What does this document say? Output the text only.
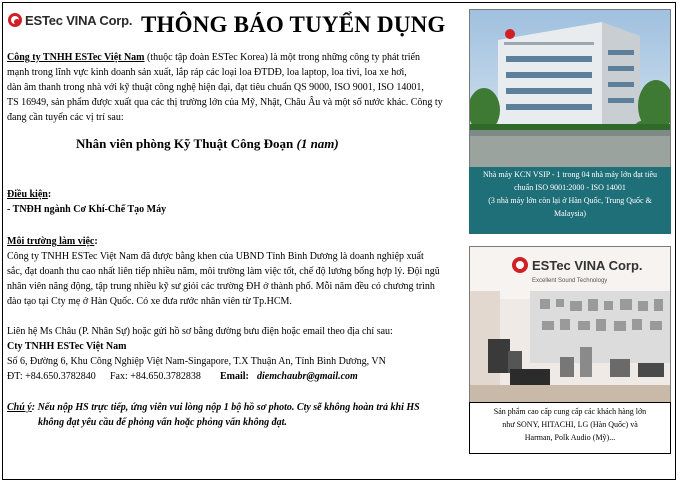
ESTec VINA Corp. THÔNG BÁO TUYỂN DỤNG
Công ty TNHH ESTec Việt Nam (thuộc tập đoàn ESTec Korea) là một trong những công ty phát triển
mạnh trong lĩnh vực kinh doanh sản xuất, lắp ráp các loại loa ĐTDĐ, loa laptop, loa tivi, loa xe hơi,
dàn âm thanh trong nhà với kỹ thuật công nghệ hiện đại, đạt tiêu chuẩn QS 9000, ISO 9001, ISO 14001,
TS 16949, sản phẩm được xuất qua các thị trường lớn của Mỹ, Nhật, Châu Âu và một số nước khác. Công ty
đang cần tuyển các vị trí sau:
Nhân viên phòng Kỹ Thuật Công Đoạn (1 nam)
Điều kiện:
- TNĐH ngành Cơ Khí-Chế Tạo Máy
Môi trường làm việc:
Công ty TNHH ESTec Việt Nam đã được bằng khen của UBND Tỉnh Bình Dương là doanh nghiệp xuất
sắc, đạt doanh thu cao nhất liên tiếp nhiều năm, môi trường làm việc tốt, chế độ lương bổng hợp lý. Đội ngũ
nhân viên năng động, tập trung nhiều kỹ sư giỏi các trường ĐH ở thành phố. Mỗi năm đều có chương trình
đào tạo tại Cty mẹ ở Hàn Quốc. Có xe đưa rước nhân viên từ Tp.HCM.
Liên hệ Ms Châu (P. Nhân Sự) hoặc gửi hồ sơ bằng đường bưu điện hoặc email theo địa chỉ sau:
Cty TNHH ESTec Việt Nam
Số 6, Đường 6, Khu Công Nghiệp Việt Nam-Singapore, T.X Thuận An, Tỉnh Bình Dương, VN
ĐT: +84.650.3782840 Fax: +84.650.3782838 Email: diemchaubr@gmail.com
Chú ý: Nếu nộp HS trực tiếp, ứng viên vui lòng nộp 1 bộ hồ sơ photo. Cty sẽ không hoàn trả khi HS
không đạt yêu cầu để phỏng vấn hoặc phỏng vấn không đạt.
Nhà máy KCN VSIP - 1 trong 04 nhà máy lớn đạt tiêu
chuẩn ISO 9001:2000 - ISO 14001
(3 nhà máy lớn còn lại ở Hàn Quốc, Trung Quốc &
Malaysia)
ESTec VINA Corp.
Excellent Sound Technology
Sản phẩm cao cấp cung cấp các khách hàng lớn
như SONY, HITACHI, LG (Hàn Quốc) và
Harman, Polk Audio (Mỹ)...
